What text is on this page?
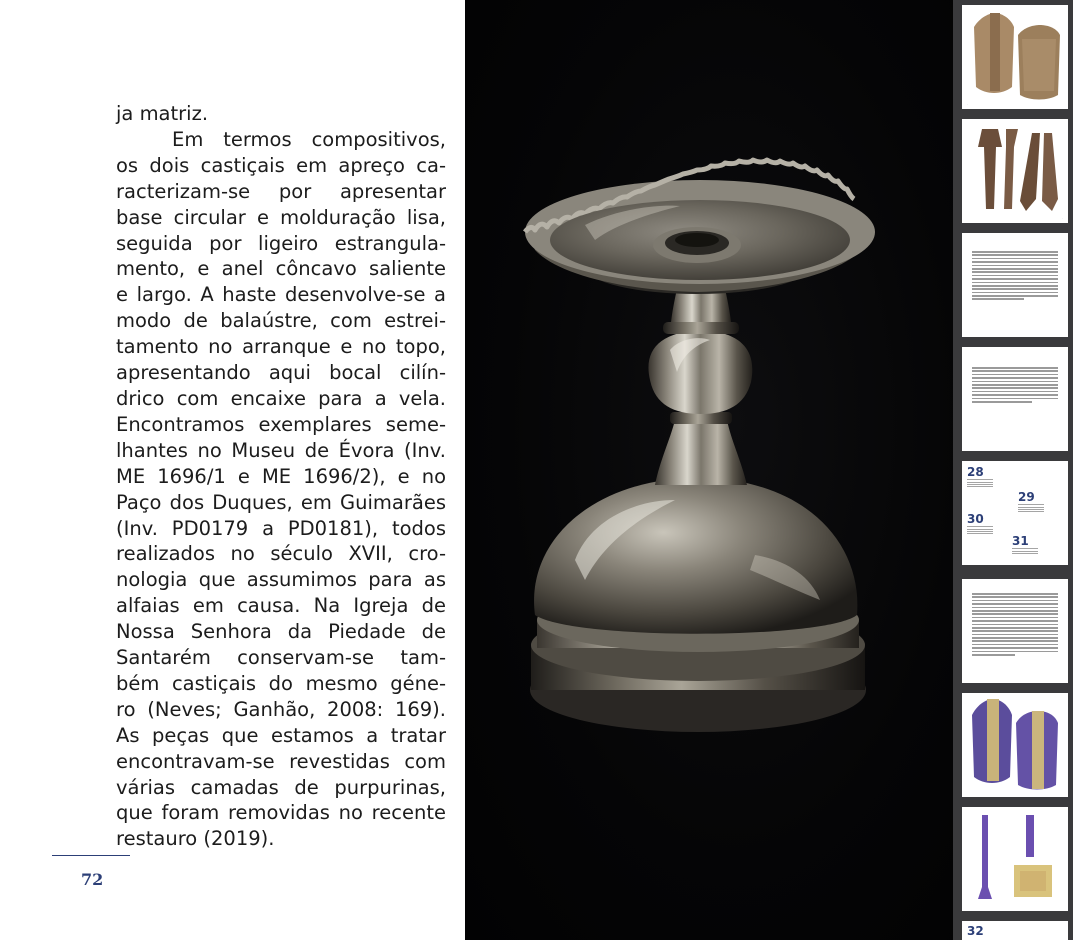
ja matriz.
Em termos compositivos,
os dois castiçais em apreço ca-
racterizam-se por apresentar
base circular e molduração lisa,
seguida por ligeiro estrangula-
mento, e anel côncavo saliente
e largo. A haste desenvolve-se a
modo de balaústre, com estrei-
tamento no arranque e no topo,
apresentando aqui bocal cilín-
drico com encaixe para a vela.
Encontramos exemplares seme-
lhantes no Museu de Évora (Inv.
ME 1696/1 e ME 1696/2), e no
Paço dos Duques, em Guimarães
(Inv. PD0179 a PD0181), todos
realizados no século XVII, cro-
nologia que assumimos para as
alfaias em causa. Na Igreja de
Nossa Senhora da Piedade de
Santarém conservam-se tam-
bém castiçais do mesmo géne-
ro (Neves; Ganhão, 2008: 169).
As peças que estamos a tratar
encontravam-se revestidas com
várias camadas de purpurinas,
que foram removidas no recente
restauro (2019).
72
·
·
28
29
30
31
32
